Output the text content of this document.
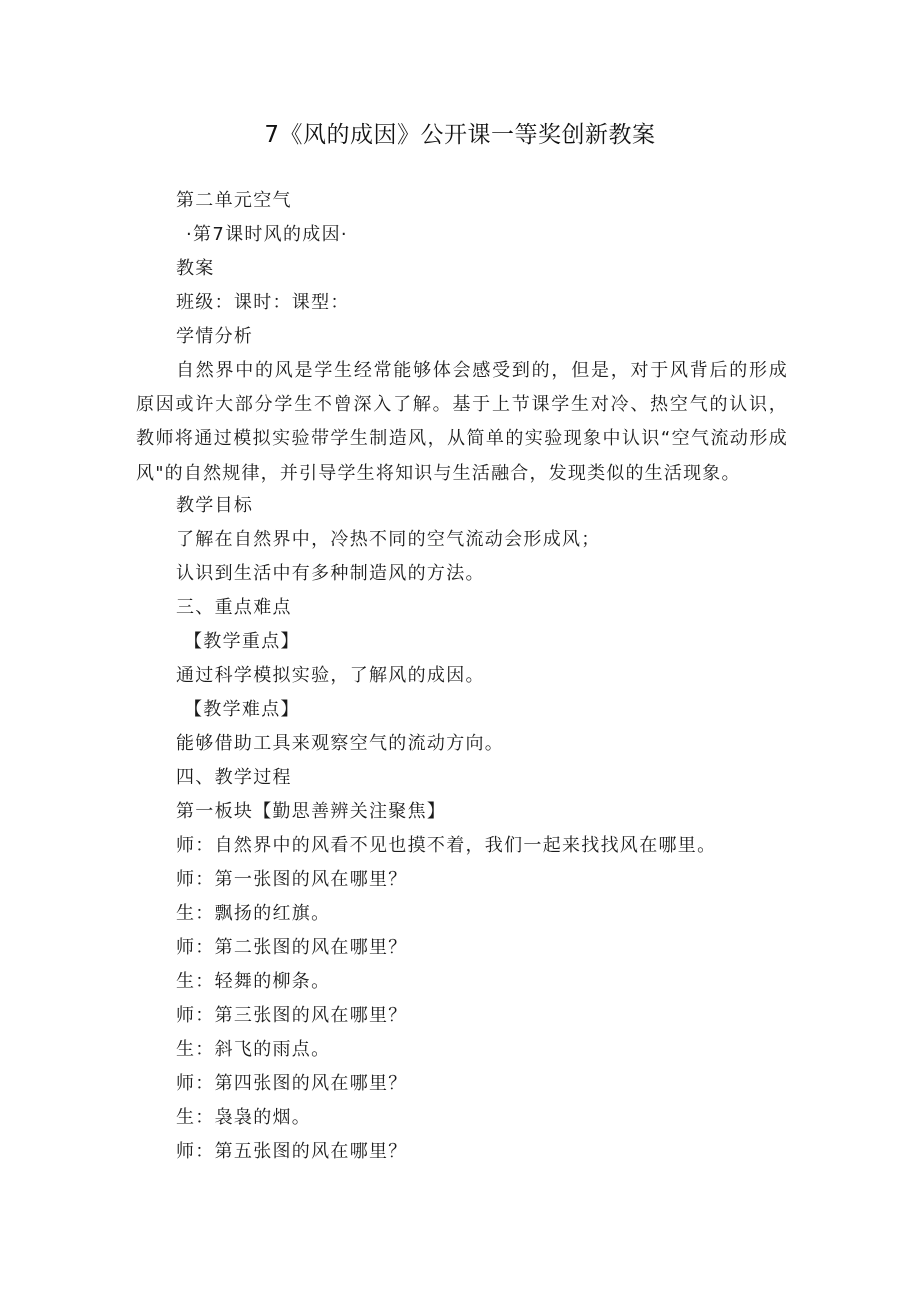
7《风的成因》公开课一等奖创新教案
第二单元空气
·第7课时风的成因·
教案
班级：课时：课型：
学情分析
自然界中的风是学生经常能够体会感受到的，但是，对于风背后的形成原因或许大部分学生不曾深入了解。基于上节课学生对冷、热空气的认识，教师将通过模拟实验带学生制造风，从简单的实验现象中认识“空气流动形成风"的自然规律，并引导学生将知识与生活融合，发现类似的生活现象。
教学目标
了解在自然界中，冷热不同的空气流动会形成风；
认识到生活中有多种制造风的方法。
三、重点难点
【教学重点】
通过科学模拟实验，了解风的成因。
【教学难点】
能够借助工具来观察空气的流动方向。
四、教学过程
第一板块【勤思善辨关注聚焦】
师：自然界中的风看不见也摸不着，我们一起来找找风在哪里。
师：第一张图的风在哪里？
生：飘扬的红旗。
师：第二张图的风在哪里？
生：轻舞的柳条。
师：第三张图的风在哪里？
生：斜飞的雨点。
师：第四张图的风在哪里？
生：袅袅的烟。
师：第五张图的风在哪里？
